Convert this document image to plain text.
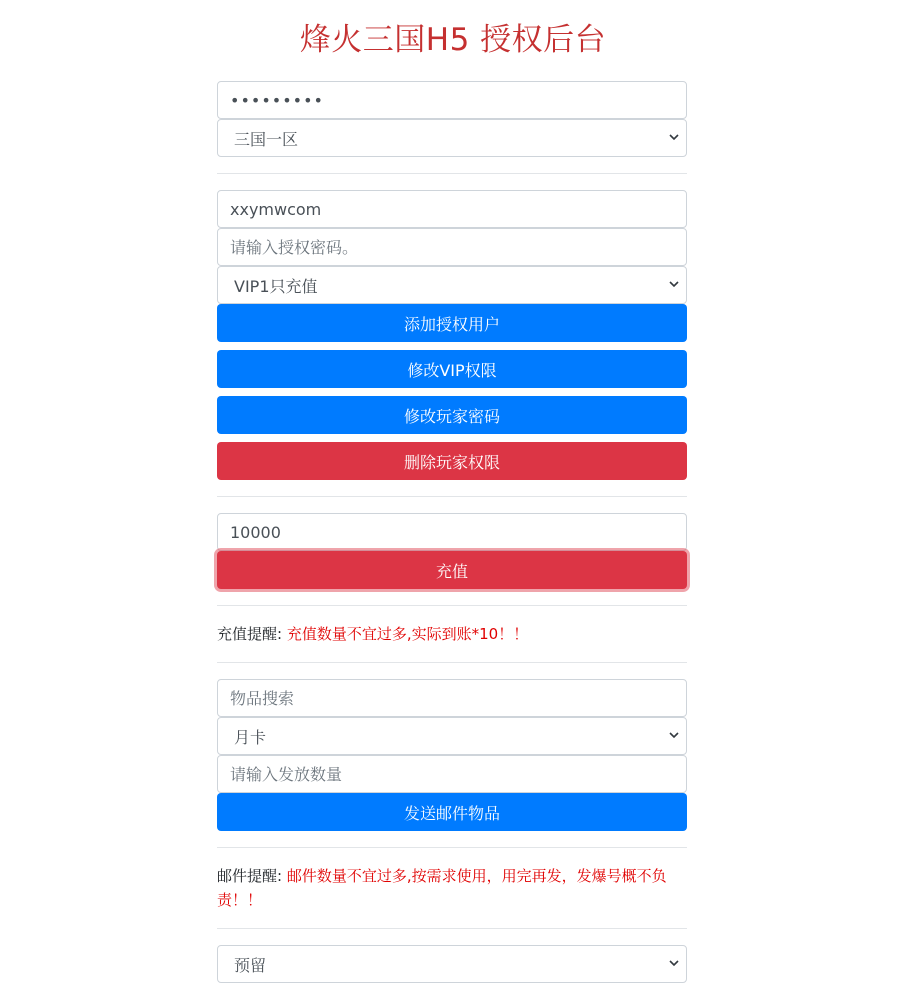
烽火三国H5 授权后台
•••••••••
三国一区
xxymwcom
请输入授权密码。
VIP1只充值
添加授权用户
修改VIP权限
修改玩家密码
删除玩家权限
10000
充值

充值提醒: 充值数量不宜过多,实际到账*10！！

物品搜索
月卡
请输入发放数量
发送邮件物品

邮件提醒: 邮件数量不宜过多,按需求使用，用完再发，发爆号概不负责！！

预留
